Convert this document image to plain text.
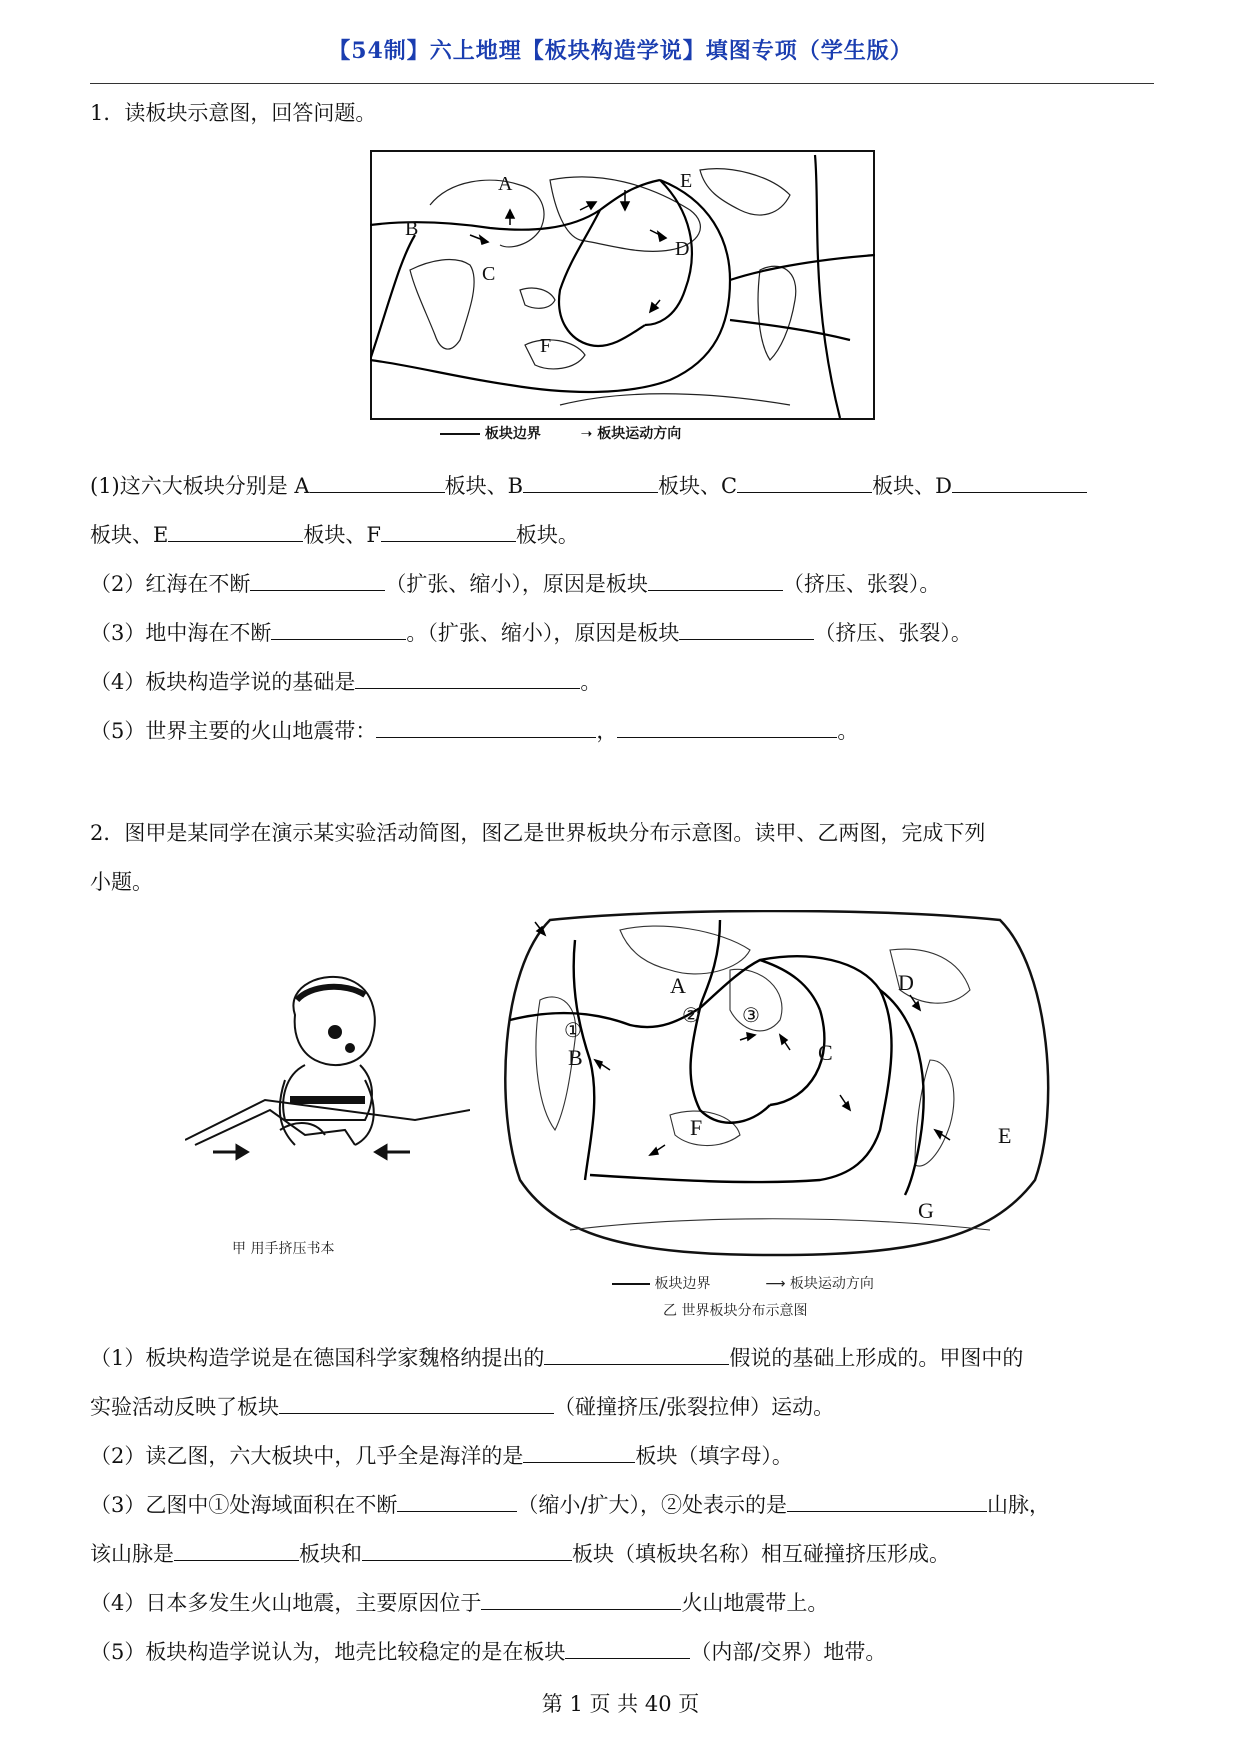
【54制】六上地理【板块构造学说】填图专项（学生版）
1．读板块示意图，回答问题。
A
B
C
D
E
F
板块边界	➝ 板块运动方向
(1)这六大板块分别是 A	板块、B	板块、C	板块、D
板块、E	板块、F	板块。
（2）红海在不断	（扩张、缩小），原因是板块	（挤压、张裂）。
（3）地中海在不断	。（扩张、缩小），原因是板块	（挤压、张裂）。
（4）板块构造学说的基础是	。
（5）世界主要的火山地震带：	，	。
2．图甲是某同学在演示某实验活动简图，图乙是世界板块分布示意图。读甲、乙两图，完成下列
小题。
甲 用手挤压书本
A
B	C
D
E
F
G
①
② ③
板块边界	⟶ 板块运动方向
乙 世界板块分布示意图
（1）板块构造学说是在德国科学家魏格纳提出的	假说的基础上形成的。甲图中的
实验活动反映了板块	（碰撞挤压/张裂拉伸）运动。
（2）读乙图，六大板块中，几乎全是海洋的是	板块（填字母）。
（3）乙图中①处海域面积在不断	（缩小/扩大），②处表示的是	山脉，
该山脉是	板块和	板块（填板块名称）相互碰撞挤压形成。
（4）日本多发生火山地震，主要原因位于	火山地震带上。
（5）板块构造学说认为，地壳比较稳定的是在板块	（内部/交界）地带。
第 1 页 共 40 页
